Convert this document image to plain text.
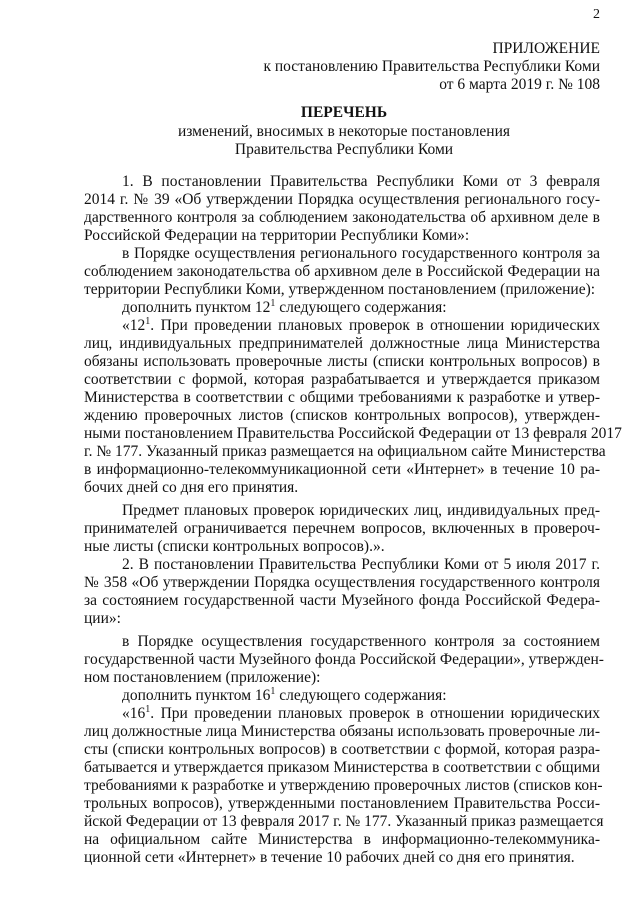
2
ПРИЛОЖЕНИЕ
к постановлению Правительства Республики Коми
от 6 марта 2019 г. № 108
ПЕРЕЧЕНЬ
изменений, вносимых в некоторые постановления
Правительства Республики Коми
1. В постановлении Правительства Республики Коми от 3 февраля
2014 г. № 39 «Об утверждении Порядка осуществления регионального госу-
дарственного контроля за соблюдением законодательства об архивном деле в
Российской Федерации на территории Республики Коми»:
в Порядке осуществления регионального государственного контроля за
соблюдением законодательства об архивном деле в Российской Федерации на
территории Республики Коми, утвержденном постановлением (приложение):
дополнить пунктом $12^1$ следующего содержания:
«$12^1$. При проведении плановых проверок в отношении юридических
лиц, индивидуальных предпринимателей должностные лица Министерства
обязаны использовать проверочные листы (списки контрольных вопросов) в
соответствии с формой, которая разрабатывается и утверждается приказом
Министерства в соответствии с общими требованиями к разработке и утвер-
ждению проверочных листов (списков контрольных вопросов), утвержден-
ными постановлением Правительства Российской Федерации от 13 февраля 2017
г. № 177. Указанный приказ размещается на официальном сайте Министерства
в информационно-телекоммуникационной сети «Интернет» в течение 10 ра-
бочих дней со дня его принятия.
Предмет плановых проверок юридических лиц, индивидуальных пред-
принимателей ограничивается перечнем вопросов, включенных в провероч-
ные листы (списки контрольных вопросов).».
2. В постановлении Правительства Республики Коми от 5 июля 2017 г.
№ 358 «Об утверждении Порядка осуществления государственного контроля
за состоянием государственной части Музейного фонда Российской Федера-
ции»:
в Порядке осуществления государственного контроля за состоянием
государственной части Музейного фонда Российской Федерации», утвержден-
ном постановлением (приложение):
дополнить пунктом $16^1$ следующего содержания:
«$16^1$. При проведении плановых проверок в отношении юридических
лиц должностные лица Министерства обязаны использовать проверочные ли-
сты (списки контрольных вопросов) в соответствии с формой, которая разра-
батывается и утверждается приказом Министерства в соответствии с общими
требованиями к разработке и утверждению проверочных листов (списков кон-
трольных вопросов), утвержденными постановлением Правительства Росси-
йской Федерации от 13 февраля 2017 г. № 177. Указанный приказ размещается
на официальном сайте Министерства в информационно-телекоммуника-
ционной сети «Интернет» в течение 10 рабочих дней со дня его принятия.
